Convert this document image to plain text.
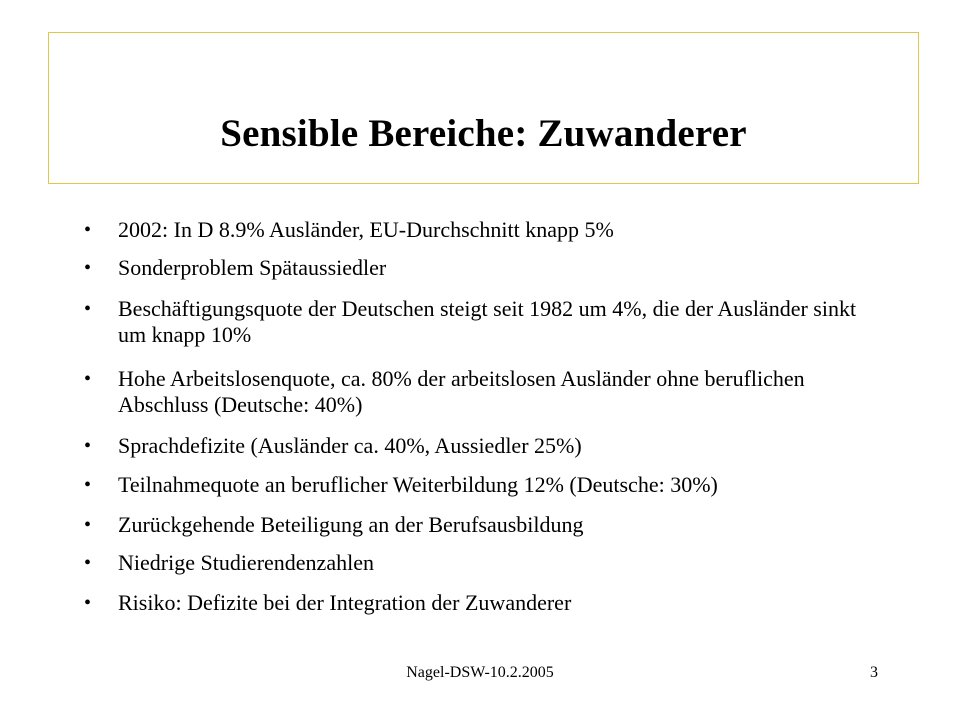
Sensible Bereiche: Zuwanderer
• 2002: In D 8.9% Ausländer, EU-Durchschnitt knapp 5%
• Sonderproblem Spätaussiedler
• Beschäftigungsquote der Deutschen steigt seit 1982 um 4%, die der Ausländer sinkt um knapp 10%
• Hohe Arbeitslosenquote, ca. 80% der arbeitslosen Ausländer ohne beruflichen Abschluss (Deutsche: 40%)
• Sprachdefizite (Ausländer ca. 40%, Aussiedler 25%)
• Teilnahmequote an beruflicher Weiterbildung 12% (Deutsche: 30%)
• Zurückgehende Beteiligung an der Berufsausbildung
• Niedrige Studierendenzahlen
• Risiko: Defizite bei der Integration der Zuwanderer
Nagel-DSW-10.2.2005	3
